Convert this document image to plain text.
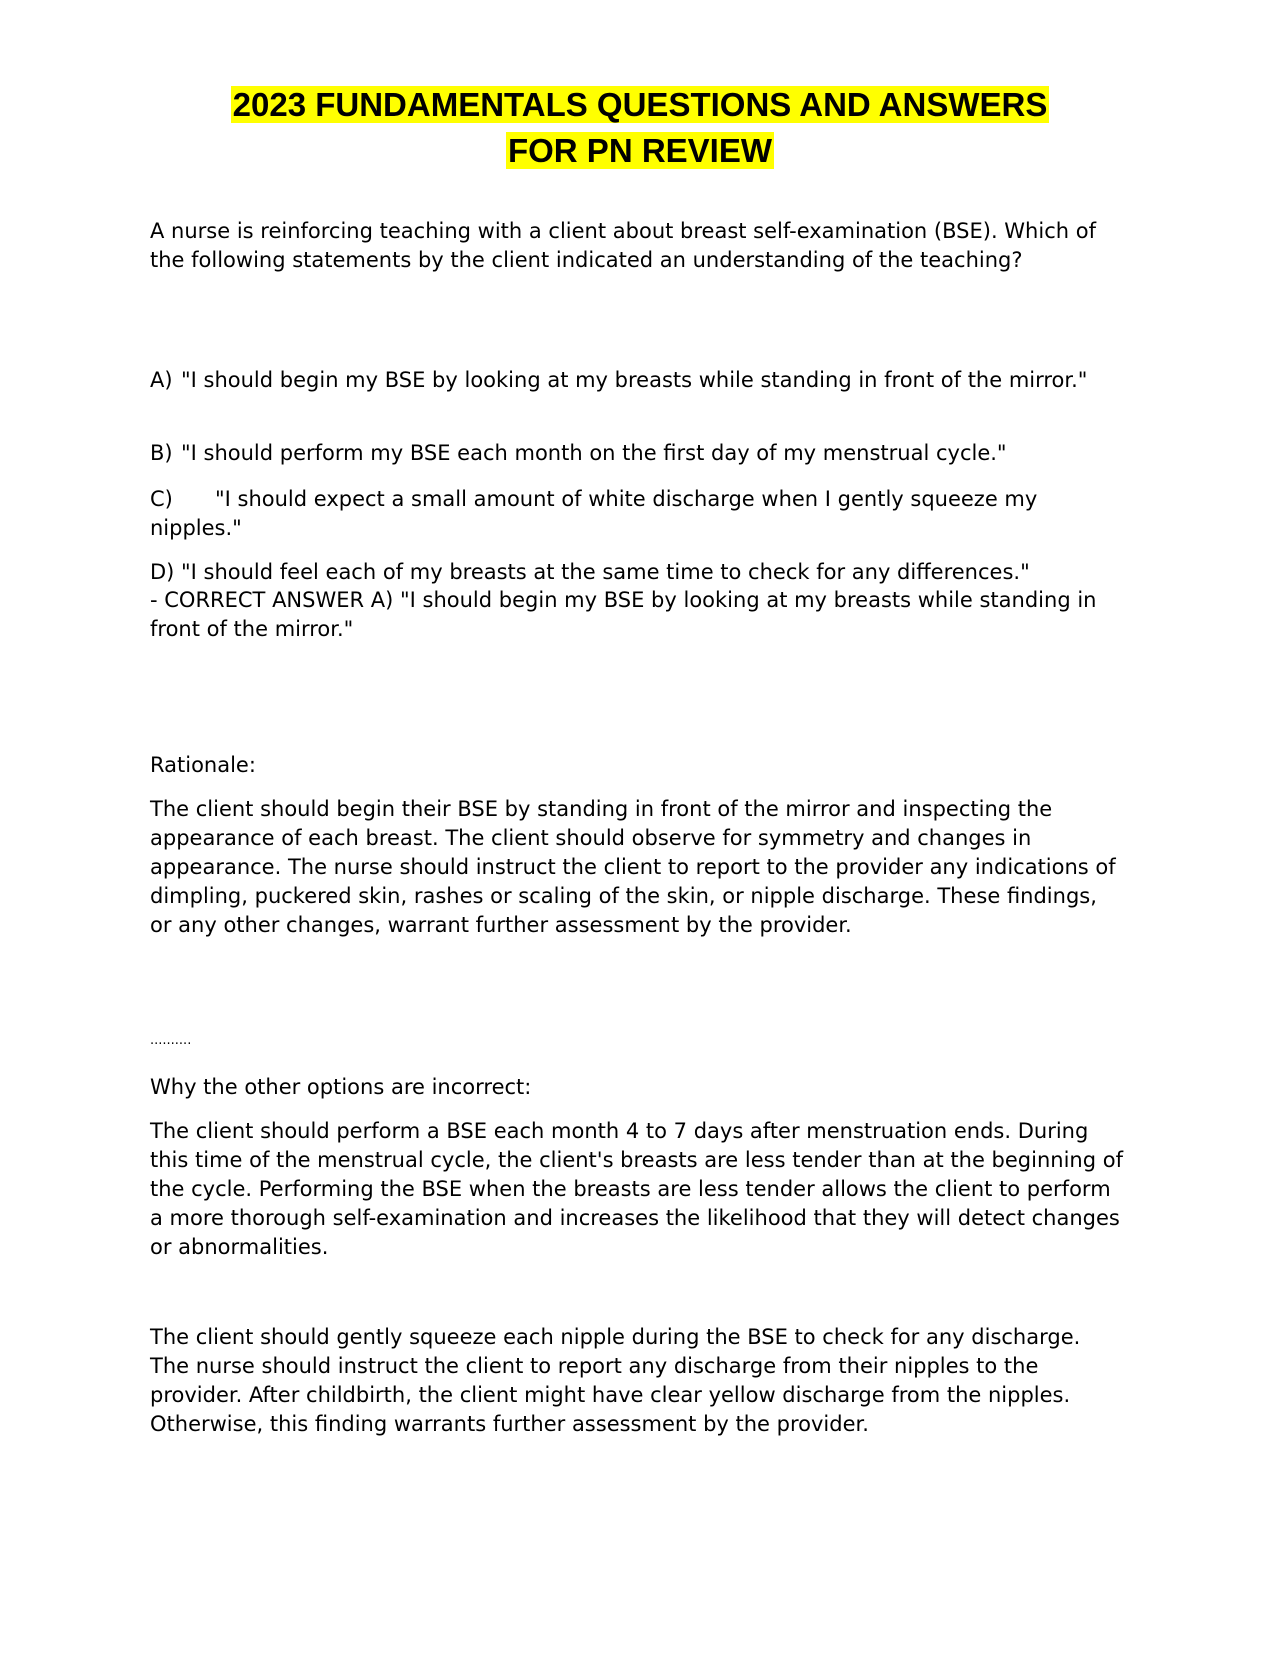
2023 FUNDAMENTALS QUESTIONS AND ANSWERS
FOR PN REVIEW

A nurse is reinforcing teaching with a client about breast self-examination (BSE). Which of the following statements by the client indicated an understanding of the teaching?

A) "I should begin my BSE by looking at my breasts while standing in front of the mirror."
B) "I should perform my BSE each month on the first day of my menstrual cycle."
C)	"I should expect a small amount of white discharge when I gently squeeze my nipples."
D) "I should feel each of my breasts at the same time to check for any differences."

- CORRECT ANSWER A) "I should begin my BSE by looking at my breasts while standing in front of the mirror."

Rationale:

The client should begin their BSE by standing in front of the mirror and inspecting the appearance of each breast. The client should observe for symmetry and changes in appearance. The nurse should instruct the client to report to the provider any indications of dimpling, puckered skin, rashes or scaling of the skin, or nipple discharge. These findings, or any other changes, warrant further assessment by the provider.

..........

Why the other options are incorrect:

The client should perform a BSE each month 4 to 7 days after menstruation ends. During this time of the menstrual cycle, the client's breasts are less tender than at the beginning of the cycle. Performing the BSE when the breasts are less tender allows the client to perform a more thorough self-examination and increases the likelihood that they will detect changes or abnormalities.

The client should gently squeeze each nipple during the BSE to check for any discharge. The nurse should instruct the client to report any discharge from their nipples to the provider. After childbirth, the client might have clear yellow discharge from the nipples. Otherwise, this finding warrants further assessment by the provider.
